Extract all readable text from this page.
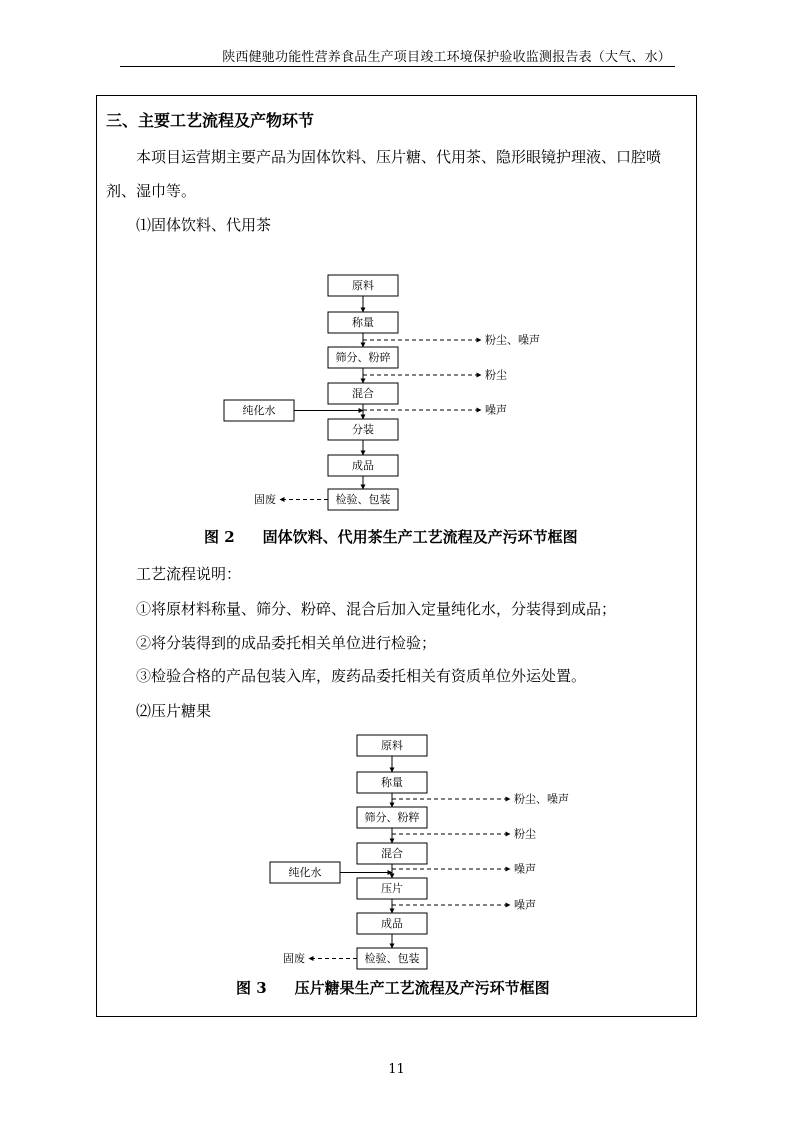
陕西健驰功能性营养食品生产项目竣工环境保护验收监测报告表（大气、水）
三、主要工艺流程及产物环节
本项目运营期主要产品为固体饮料、压片糖、代用茶、隐形眼镜护理液、口腔喷
剂、湿巾等。
⑴固体饮料、代用茶
原料
称量
筛分、粉碎
混合
分装
成品
检验、包装
粉尘、噪声
粉尘
噪声
纯化水
固废
原料
称量
筛分、粉粹
混合
压片
成品
检验、包装
粉尘、噪声
粉尘
噪声
噪声
纯化水
固废
图 2 固体饮料、代用茶生产工艺流程及产污环节框图
工艺流程说明：
①将原材料称量、筛分、粉碎、混合后加入定量纯化水，分装得到成品；
②将分装得到的成品委托相关单位进行检验；
③检验合格的产品包装入库，废药品委托相关有资质单位外运处置。
⑵压片糖果
图 3 压片糖果生产工艺流程及产污环节框图
11
